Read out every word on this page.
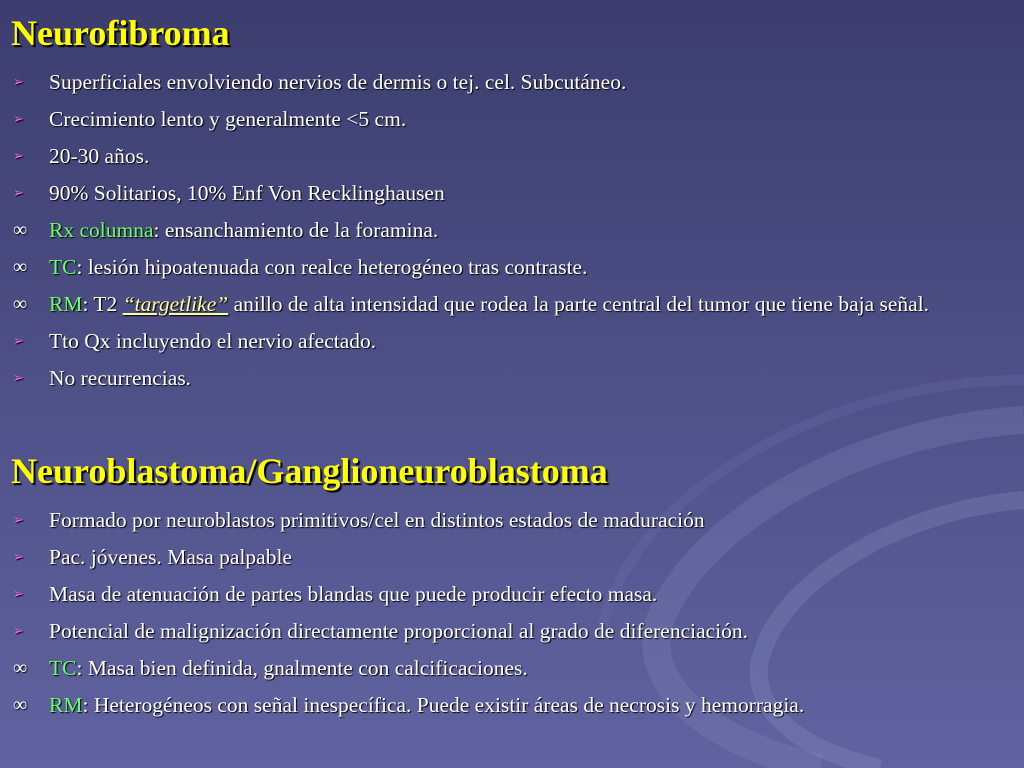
Neurofibroma
➢	Superficiales envolviendo nervios de dermis o tej. cel. Subcutáneo.
➢	Crecimiento lento y generalmente <5 cm.
➢	20-30 años.
➢	90% Solitarios, 10% Enf Von Recklinghausen
∞ Rx columna: ensanchamiento de la foramina.
∞ TC: lesión hipoatenuada con realce heterogéneo tras contraste.
∞ RM: T2 “targetlike” anillo de alta intensidad que rodea la parte central del tumor que tiene baja señal.
➢	Tto Qx incluyendo el nervio afectado.
➢	No recurrencias.
Neuroblastoma/Ganglioneuroblastoma
➢	Formado por neuroblastos primitivos/cel en distintos estados de maduración
➢	Pac. jóvenes. Masa palpable
➢	Masa de atenuación de partes blandas que puede producir efecto masa.
➢	Potencial de malignización directamente proporcional al grado de diferenciación.
∞ TC: Masa bien definida, gnalmente con calcificaciones.
∞ RM: Heterogéneos con señal inespecífica. Puede existir áreas de necrosis y hemorragia.
